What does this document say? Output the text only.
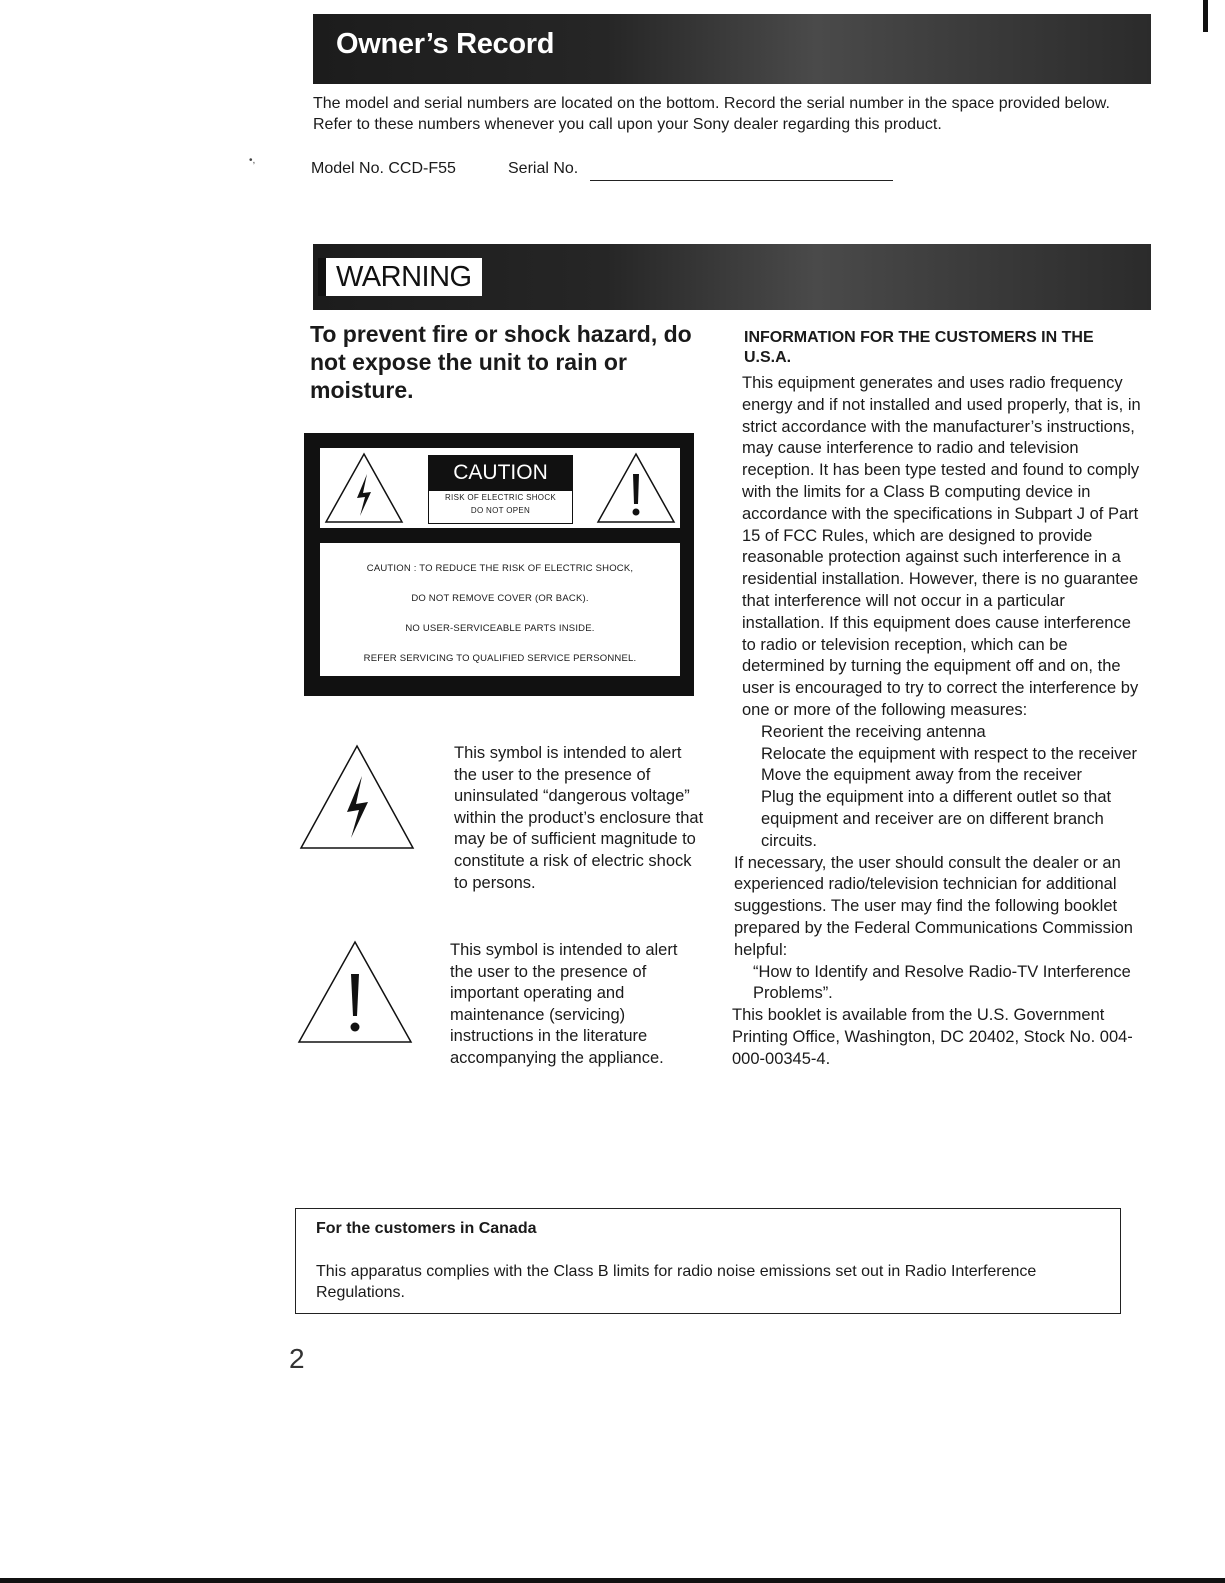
•,
Owner’s Record
The model and serial numbers are located on the bottom. Record the serial number in the space provided below. Refer to these numbers whenever you call upon your Sony dealer regarding this product.
Model No. CCD-F55	Serial No.
WARNING
To prevent fire or shock hazard, do not expose the unit to rain or moisture.
CAUTION
RISK OF ELECTRIC SHOCK
DO NOT OPEN
CAUTION : TO REDUCE THE RISK OF ELECTRIC SHOCK,
DO NOT REMOVE COVER (OR BACK).
NO USER-SERVICEABLE PARTS INSIDE.
REFER SERVICING TO QUALIFIED SERVICE PERSONNEL.
This symbol is intended to alert the user to the presence of uninsulated “dangerous voltage” within the product’s enclosure that may be of sufficient magnitude to constitute a risk of electric shock to persons.
This symbol is intended to alert the user to the presence of important operating and maintenance (servicing) instructions in the literature accompanying the appliance.
INFORMATION FOR THE CUSTOMERS IN THE U.S.A.

This equipment generates and uses radio frequency energy and if not installed and used properly, that is, in strict accordance with the manufacturer’s instructions, may cause interference to radio and television reception. It has been type tested and found to comply with the limits for a Class B computing device in accordance with the specifications in Subpart J of Part 15 of FCC Rules, which are designed to provide reasonable protection against such interference in a residential installation. However, there is no guarantee that interference will not occur in a particular installation. If this equipment does cause interference to radio or television reception, which can be determined by turning the equipment off and on, the user is encouraged to try to correct the interference by one or more of the following measures:

Reorient the receiving antenna

Relocate the equipment with respect to the receiver

Move the equipment away from the receiver

Plug the equipment into a different outlet so that equipment and receiver are on different branch circuits.

If necessary, the user should consult the dealer or an experienced radio/television technician for additional suggestions. The user may find the following booklet prepared by the Federal Communications Commission helpful:

“How to Identify and Resolve Radio-TV Interference Problems”.

This booklet is available from the U.S. Government Printing Office, Washington, DC 20402, Stock No. 004-000-00345-4.

For the customers in Canada
This apparatus complies with the Class B limits for radio noise emissions set out in Radio Interference Regulations.
2
